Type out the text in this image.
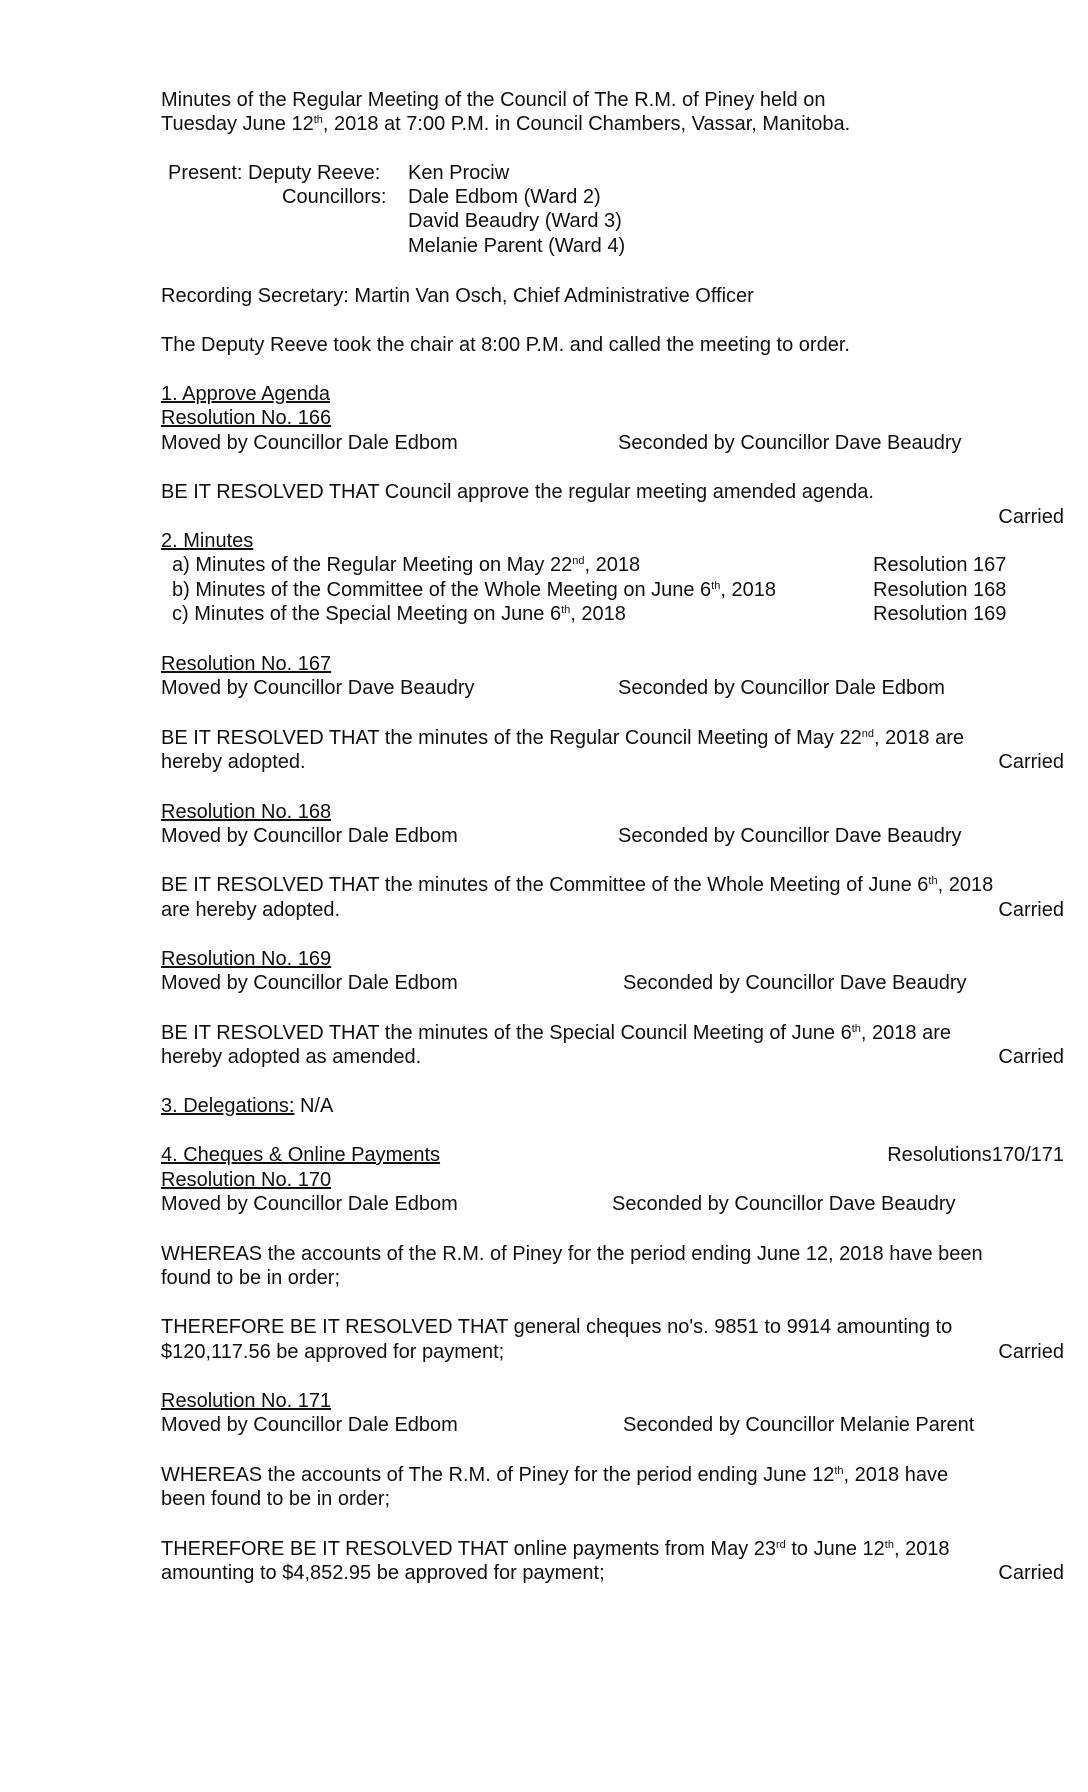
Minutes of the Regular Meeting of the Council of The R.M. of Piney held on
Tuesday June 12th, 2018 at 7:00 P.M. in Council Chambers, Vassar, Manitoba.
Present: Deputy Reeve: Ken Prociw
Councillors: Dale Edbom (Ward 2)
David Beaudry (Ward 3)
Melanie Parent (Ward 4)
Recording Secretary: Martin Van Osch, Chief Administrative Officer
The Deputy Reeve took the chair at 8:00 P.M. and called the meeting to order.
1. Approve Agenda
Resolution No. 166
Moved by Councillor Dale Edbom	Seconded by Councillor Dave Beaudry
BE IT RESOLVED THAT Council approve the regular meeting amended agenda.
Carried
2. Minutes
a) Minutes of the Regular Meeting on May 22nd, 2018	Resolution 167
b) Minutes of the Committee of the Whole Meeting on June 6th, 2018	Resolution 168
c) Minutes of the Special Meeting on June 6th, 2018	Resolution 169
Resolution No. 167
Moved by Councillor Dave Beaudry	Seconded by Councillor Dale Edbom
BE IT RESOLVED THAT the minutes of the Regular Council Meeting of May 22nd, 2018 are
hereby adopted.	Carried
Resolution No. 168
Moved by Councillor Dale Edbom	Seconded by Councillor Dave Beaudry
BE IT RESOLVED THAT the minutes of the Committee of the Whole Meeting of June 6th, 2018
are hereby adopted.	Carried
Resolution No. 169
Moved by Councillor Dale Edbom	Seconded by Councillor Dave Beaudry
BE IT RESOLVED THAT the minutes of the Special Council Meeting of June 6th, 2018 are
hereby adopted as amended.	Carried
3. Delegations: N/A
4. Cheques & Online Payments	Resolutions170/171
Resolution No. 170
Moved by Councillor Dale Edbom	Seconded by Councillor Dave Beaudry
WHEREAS the accounts of the R.M. of Piney for the period ending June 12, 2018 have been
found to be in order;
THEREFORE BE IT RESOLVED THAT general cheques no's. 9851 to 9914 amounting to
$120,117.56 be approved for payment;	Carried
Resolution No. 171
Moved by Councillor Dale Edbom	Seconded by Councillor Melanie Parent
WHEREAS the accounts of The R.M. of Piney for the period ending June 12th, 2018 have
been found to be in order;
THEREFORE BE IT RESOLVED THAT online payments from May 23rd to June 12th, 2018
amounting to $4,852.95 be approved for payment;	Carried
